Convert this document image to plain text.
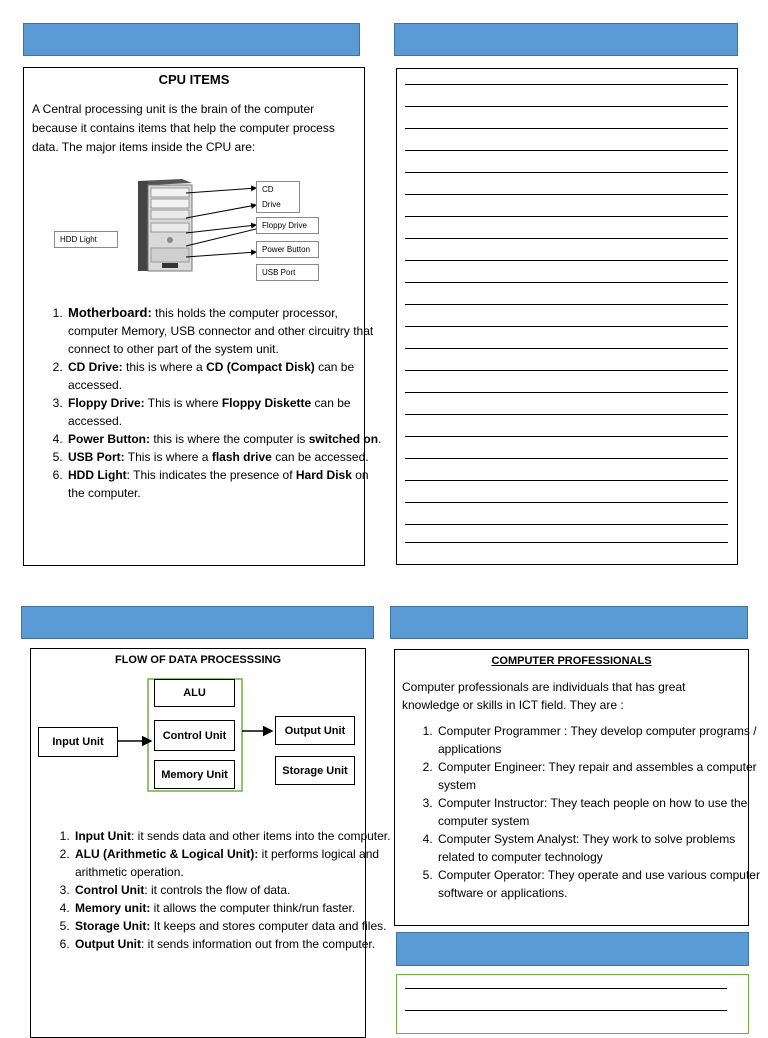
CPU ITEMS
A Central processing unit is the brain of the computer because it contains items that help the computer process data. The major items inside the CPU are:
CD Drive
Floppy Drive
Power Button
USB Port
HDD Light
1. Motherboard: this holds the computer processor, computer Memory, USB connector and other circuitry that connect to other part of the system unit.
2. CD Drive: this is where a CD (Compact Disk) can be accessed.
3. Floppy Drive: This is where Floppy Diskette can be accessed.
4. Power Button: this is where the computer is switched on.
5. USB Port: This is where a flash drive can be accessed.
6. HDD Light: This indicates the presence of Hard Disk on the computer.
FLOW OF DATA PROCESSSING
ALU
Control Unit
Memory Unit
Input Unit
Output Unit
Storage Unit
1. Input Unit: it sends data and other items into the computer.
2. ALU (Arithmetic & Logical Unit): it performs logical and arithmetic operation.
3. Control Unit: it controls the flow of data.
4. Memory unit: it allows the computer think/run faster.
5. Storage Unit: It keeps and stores computer data and files.
6. Output Unit: it sends information out from the computer.
COMPUTER PROFESSIONALS
Computer professionals are individuals that has great knowledge or skills in ICT field. They are :
1. Computer Programmer : They develop computer programs / applications
2. Computer Engineer: They repair and assembles a computer system
3. Computer Instructor: They teach people on how to use the computer system
4. Computer System Analyst: They work to solve problems related to computer technology
5. Computer Operator: They operate and use various computer software or applications.
